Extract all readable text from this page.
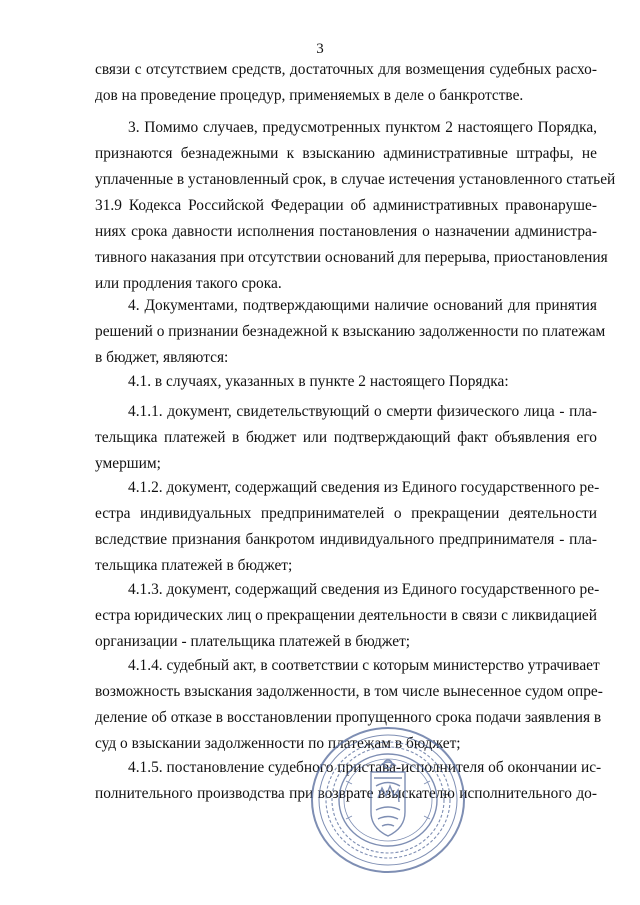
3
связи с отсутствием средств, достаточных для возмещения судебных расхо-
дов на проведение процедур, применяемых в деле о банкротстве.
3. Помимо случаев, предусмотренных пунктом 2 настоящего Порядка,
признаются безнадежными к взысканию административные штрафы, не
уплаченные в установленный срок, в случае истечения установленного статьей
31.9 Кодекса Российской Федерации об административных правонаруше-
ниях срока давности исполнения постановления о назначении администра-
тивного наказания при отсутствии оснований для перерыва, приостановления
или продления такого срока.
4. Документами, подтверждающими наличие оснований для принятия
решений о признании безнадежной к взысканию задолженности по платежам
в бюджет, являются:
4.1. в случаях, указанных в пункте 2 настоящего Порядка:
4.1.1. документ, свидетельствующий о смерти физического лица - пла-
тельщика платежей в бюджет или подтверждающий факт объявления его
умершим;
4.1.2. документ, содержащий сведения из Единого государственного ре-
естра индивидуальных предпринимателей о прекращении деятельности
вследствие признания банкротом индивидуального предпринимателя - пла-
тельщика платежей в бюджет;
4.1.3. документ, содержащий сведения из Единого государственного ре-
естра юридических лиц о прекращении деятельности в связи с ликвидацией
организации - плательщика платежей в бюджет;
4.1.4. судебный акт, в соответствии с которым министерство утрачивает
возможность взыскания задолженности, в том числе вынесенное судом опре-
деление об отказе в восстановлении пропущенного срока подачи заявления в
суд о взыскании задолженности по платежам в бюджет;
4.1.5. постановление судебного пристава-исполнителя об окончании ис-
полнительного производства при возврате взыскателю исполнительного до-
